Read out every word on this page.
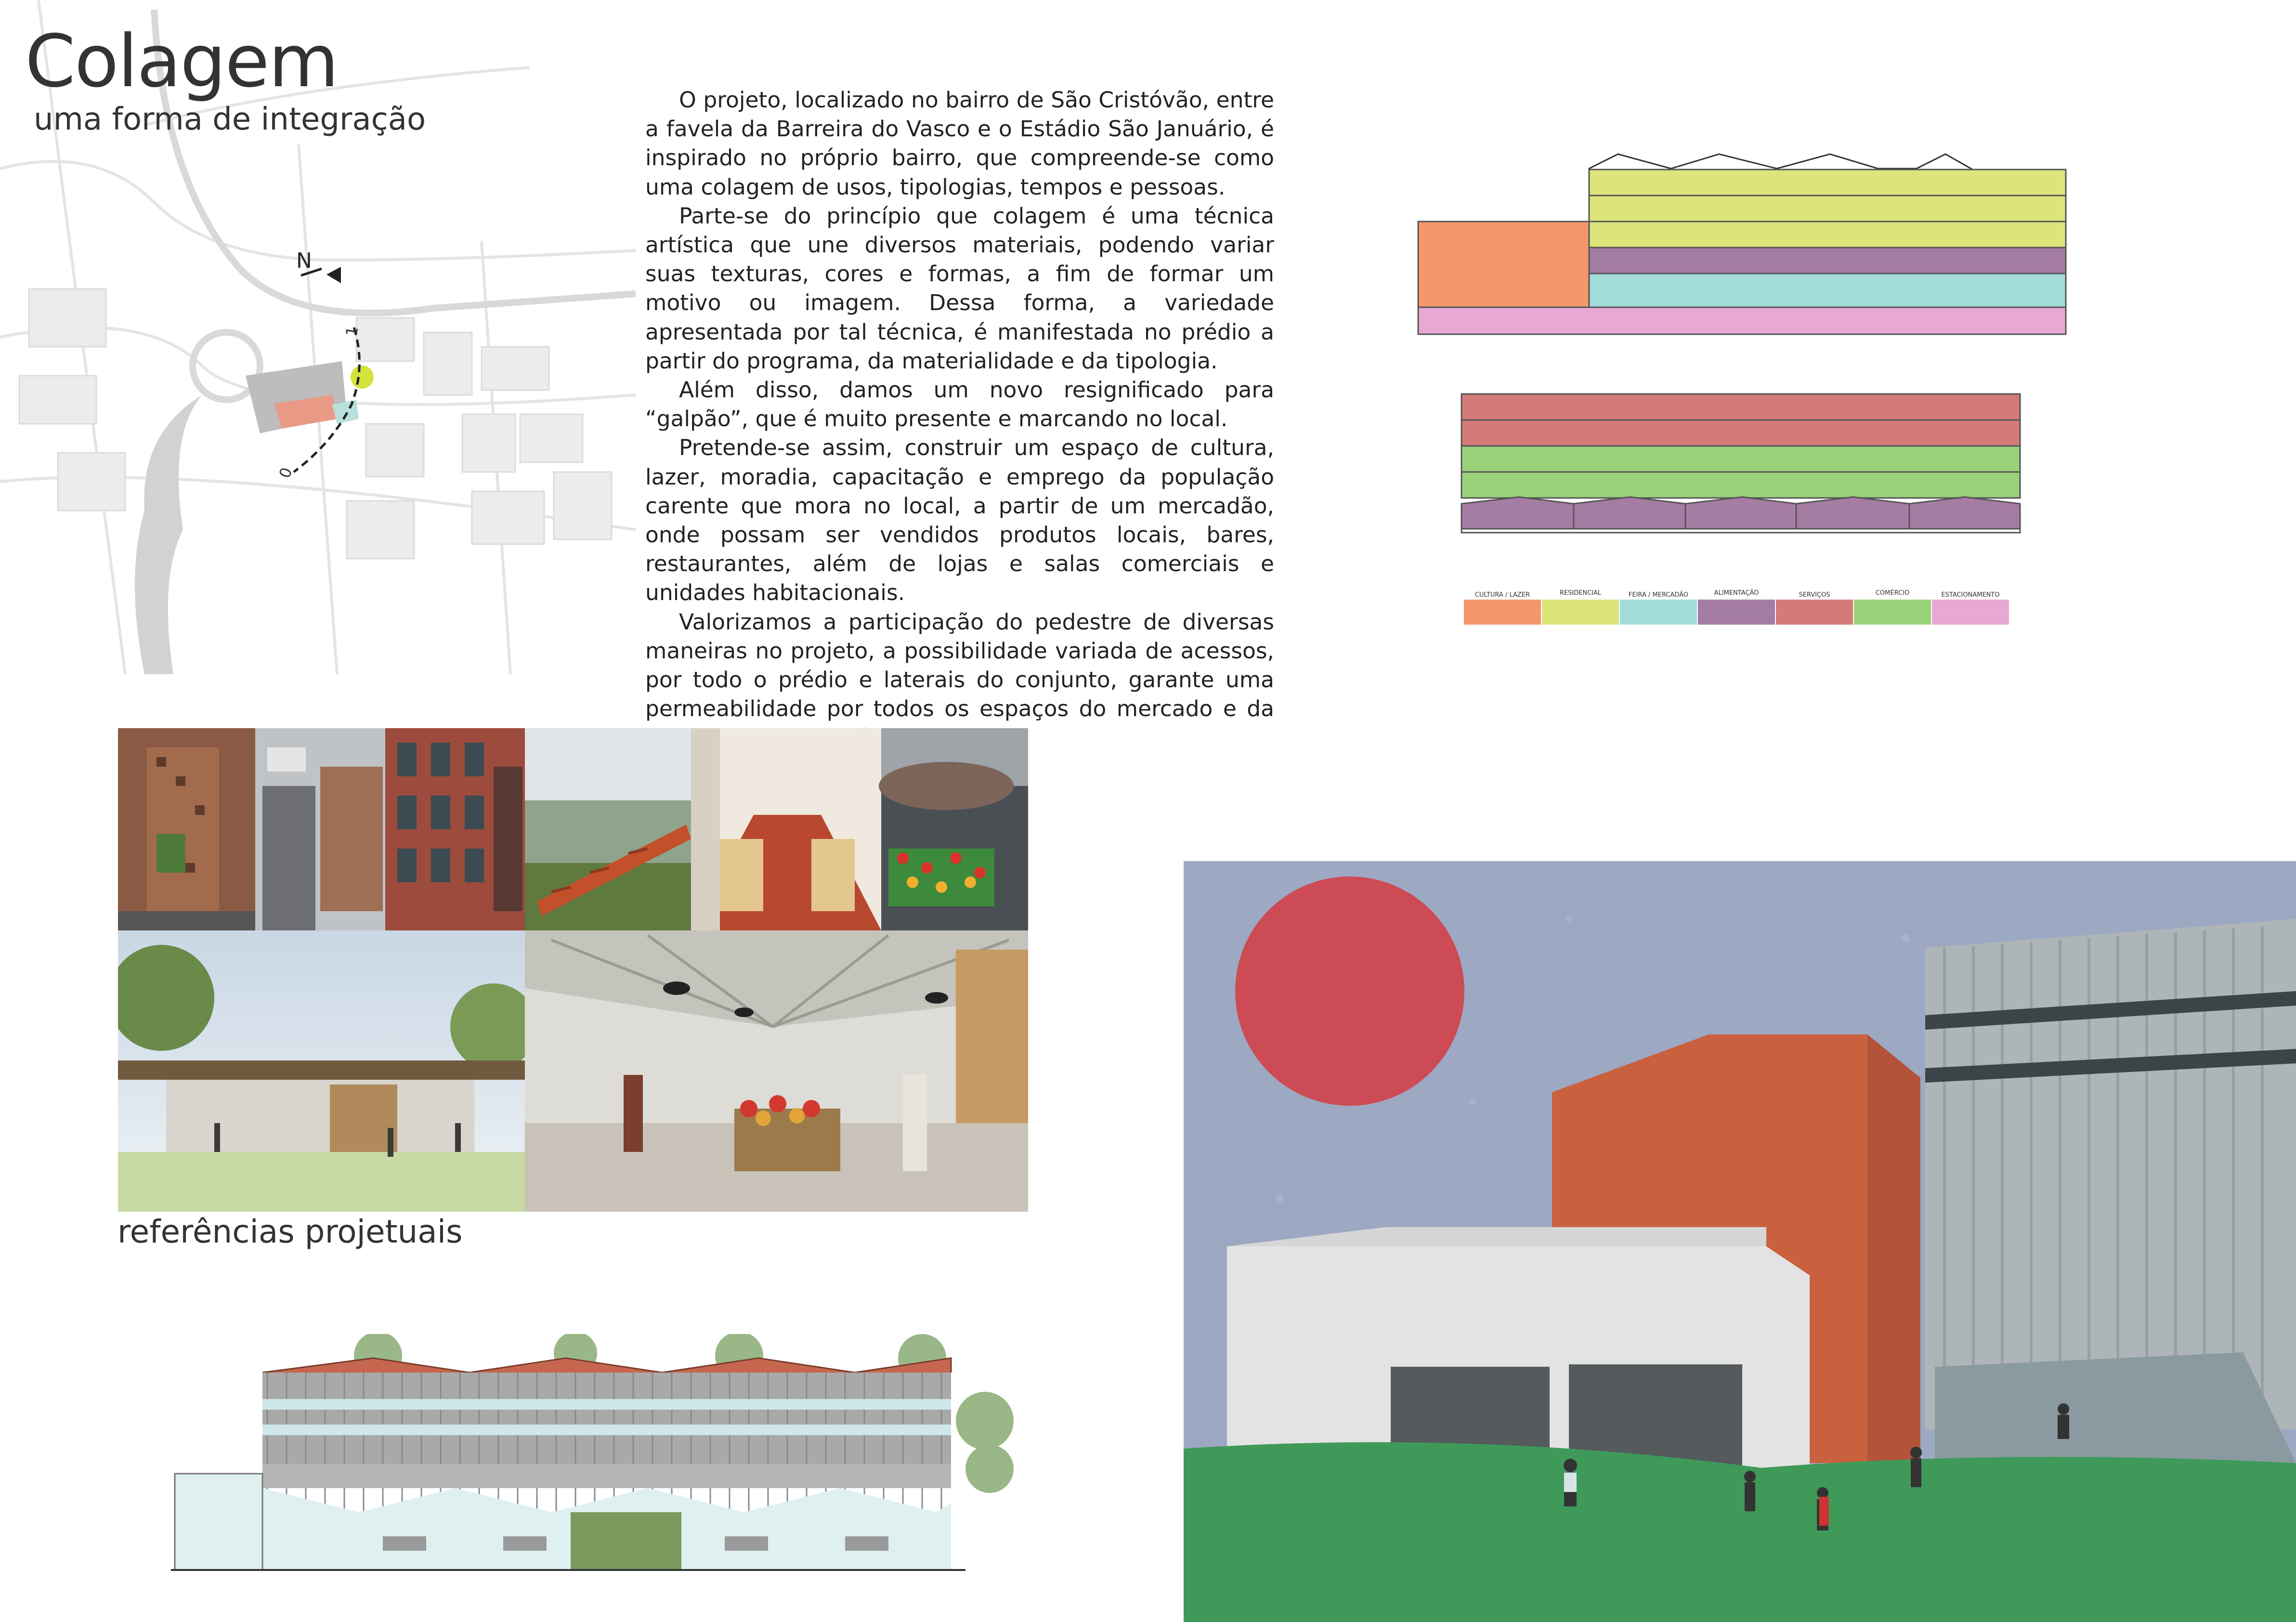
1
0
N
Colagem
uma forma de integração

O projeto, localizado no bairro de São Cristóvão, entre a favela da Barreira do Vasco e o Estádio São Januário, é inspirado no próprio bairro, que compreende-se como uma colagem de usos, tipologias, tempos e pessoas.

Parte-se do princípio que colagem é uma técnica artística que une diversos materiais, podendo variar suas texturas, cores e formas, a fim de formar um motivo ou imagem. Dessa forma, a variedade apresentada por tal técnica, é manifestada no prédio a partir do programa, da materialidade e da tipologia.

Além disso, damos um novo resignificado para “galpão”, que é muito presente e marcando no local.

Pretende-se assim, construir um espaço de cultura, lazer, moradia, capacitação e emprego da população carente que mora no local, a partir de um mercadão, onde possam ser vendidos produtos locais, bares, restaurantes, além de lojas e salas comerciais e unidades habitacionais.

Valorizamos a participação do pedestre de diversas maneiras no projeto, a possibilidade variada de acessos, por todo o prédio e laterais do conjunto, garante uma permeabilidade por todos os espaços do mercado e da

CULTURA / LAZER	RESIDENCIAL	FEIRA / MERCADÃO	ALIMENTAÇÃO	SERVIÇOS	COMÉRCIO	ESTACIONAMENTO
referências projetuais
